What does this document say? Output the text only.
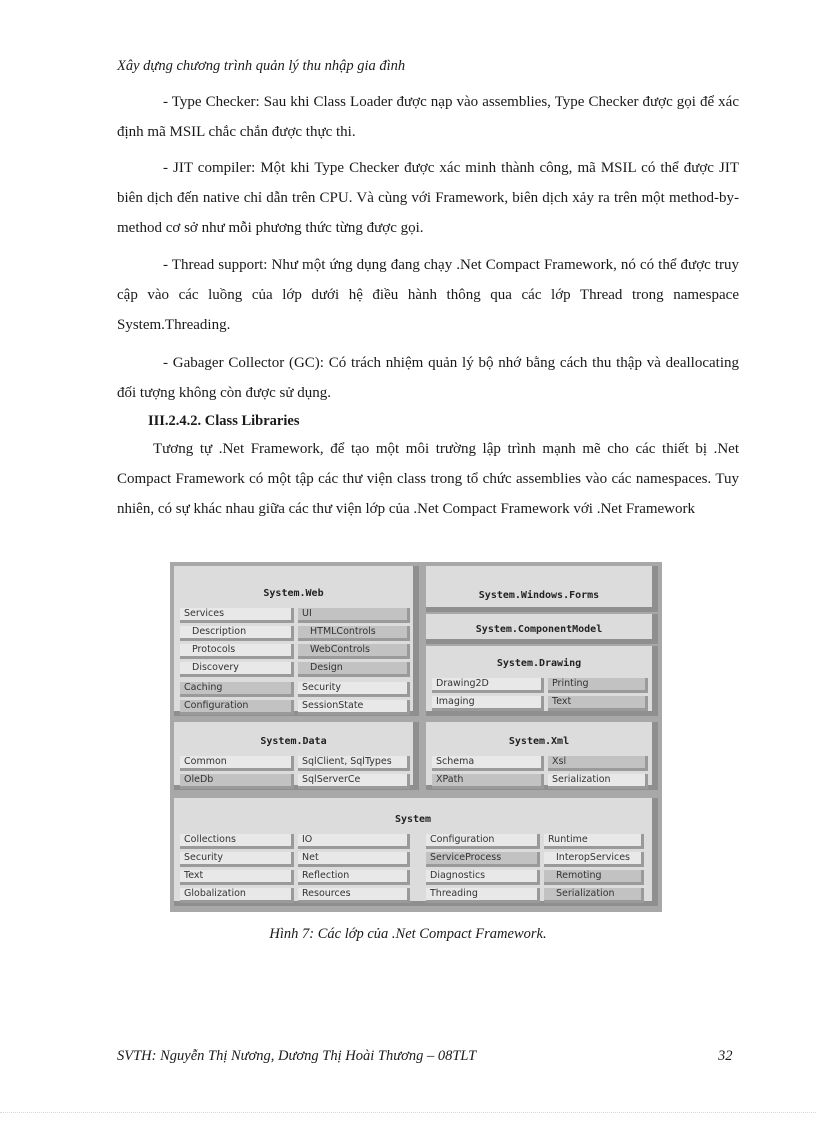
Xây dựng chương trình quản lý thu nhập gia đình

- Type Checker: Sau khi Class Loader được nạp vào assemblies, Type Checker được gọi để xác định mã MSIL chắc chắn được thực thi.

- JIT compiler: Một khi Type Checker được xác minh thành công, mã MSIL có thể được JIT biên dịch đến native chỉ dẫn trên CPU. Và cùng với Framework, biên dịch xảy ra trên một method-by-method cơ sở như mỗi phương thức từng được gọi.

- Thread support: Như một ứng dụng đang chạy .Net Compact Framework, nó có thể được truy cập vào các luồng của lớp dưới hệ điều hành thông qua các lớp Thread trong namespace System.Threading.

- Gabager Collector (GC): Có trách nhiệm quản lý bộ nhớ bằng cách thu thập và deallocating đối tượng không còn được sử dụng.

III.2.4.2. Class Libraries

Tương tự .Net Framework, để tạo một môi trường lập trình mạnh mẽ cho các thiết bị .Net Compact Framework có một tập các thư viện class trong tổ chức assemblies vào các namespaces. Tuy nhiên, có sự khác nhau giữa các thư viện lớp của .Net Compact Framework với .Net Framework

System.Web
Services
Description
Protocols
Discovery
Caching
Configuration
UI
HTMLControls
WebControls
Design
Security
SessionState
System.Windows.Forms
System.ComponentModel
System.Drawing
Drawing2D	Printing
Imaging	Text
System.Data
Common	SqlClient, SqlTypes
OleDb	SqlServerCe
System.Xml
Schema	Xsl
XPath	Serialization
System
Collections
Security
Text
Globalization
IO
Net
Reflection
Resources
Configuration
ServiceProcess
Diagnostics
Threading
Runtime
InteropServices
Remoting
Serialization
Hình 7: Các lớp của .Net Compact Framework.
SVTH: Nguyễn Thị Nương, Dương Thị Hoài Thương – 08TLT	32
